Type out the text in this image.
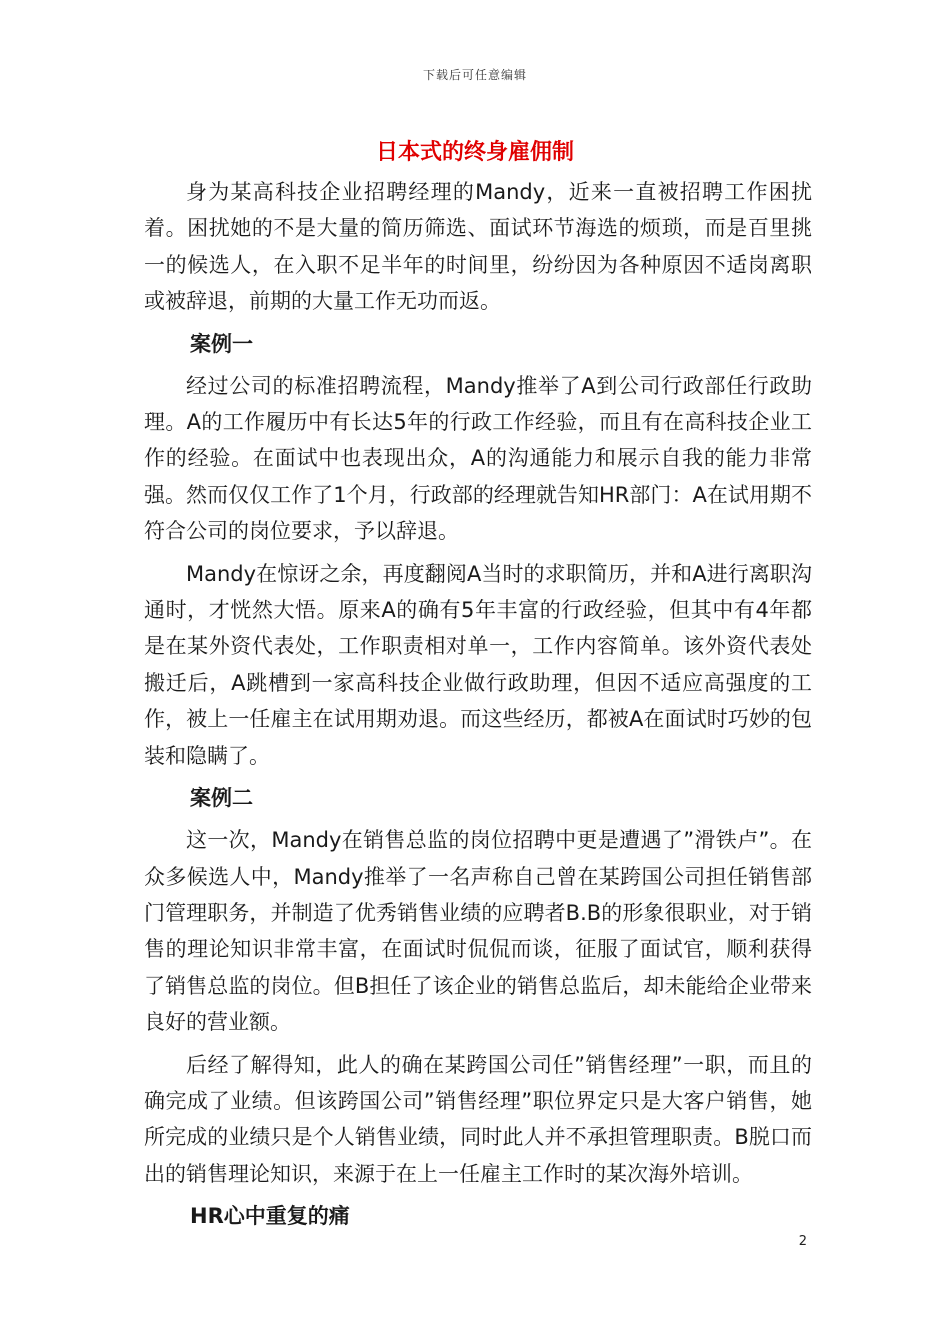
下载后可任意编辑
日本式的终身雇佣制

身为某高科技企业招聘经理的Mandy，近来一直被招聘工作困扰着。困扰她的不是大量的简历筛选、面试环节海选的烦琐，而是百里挑一的候选人，在入职不足半年的时间里，纷纷因为各种原因不适岗离职或被辞退，前期的大量工作无功而返。

案例一

经过公司的标准招聘流程，Mandy推举了A到公司行政部任行政助理。A的工作履历中有长达5年的行政工作经验，而且有在高科技企业工作的经验。在面试中也表现出众，A的沟通能力和展示自我的能力非常强。然而仅仅工作了1个月，行政部的经理就告知HR部门：A在试用期不符合公司的岗位要求，予以辞退。

Mandy在惊讶之余，再度翻阅A当时的求职简历，并和A进行离职沟通时，才恍然大悟。原来A的确有5年丰富的行政经验，但其中有4年都是在某外资代表处，工作职责相对单一，工作内容简单。该外资代表处搬迁后，A跳槽到一家高科技企业做行政助理，但因不适应高强度的工作，被上一任雇主在试用期劝退。而这些经历，都被A在面试时巧妙的包装和隐瞒了。

案例二

这一次，Mandy在销售总监的岗位招聘中更是遭遇了”滑铁卢”。在众多候选人中，Mandy推举了一名声称自己曾在某跨国公司担任销售部门管理职务，并制造了优秀销售业绩的应聘者B.B的形象很职业，对于销售的理论知识非常丰富，在面试时侃侃而谈，征服了面试官，顺利获得了销售总监的岗位。但B担任了该企业的销售总监后，却未能给企业带来良好的营业额。

后经了解得知，此人的确在某跨国公司任”销售经理”一职，而且的确完成了业绩。但该跨国公司”销售经理”职位界定只是大客户销售，她所完成的业绩只是个人销售业绩，同时此人并不承担管理职责。B脱口而出的销售理论知识，来源于在上一任雇主工作时的某次海外培训。

HR心中重复的痛

2
